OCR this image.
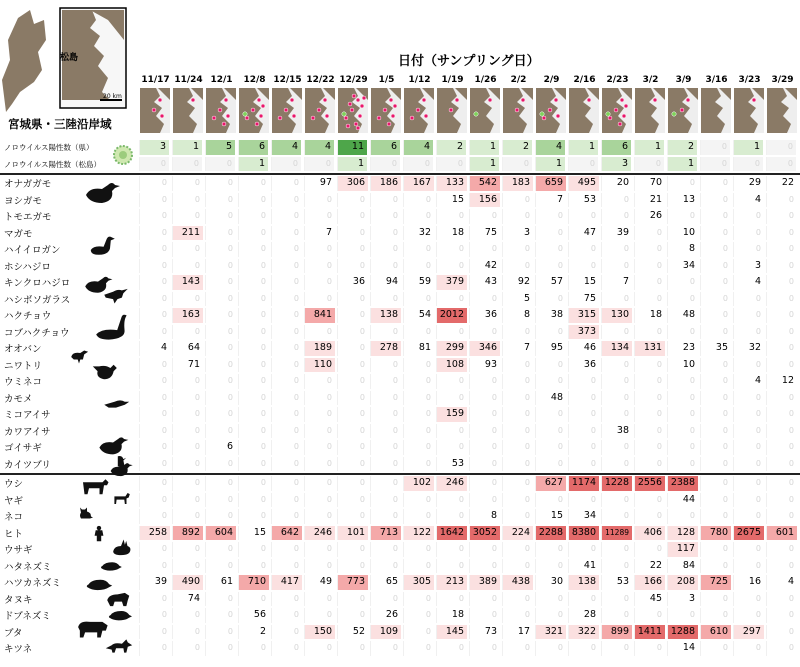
松島
20 km
宮城県・三陸沿岸域
日付（サンプリング日）
11/17 11/24 12/1	12/8 12/15 12/22 12/29	1/5	1/12	1/19	1/26	2/2	2/9	2/16	2/23	3/2	3/9	3/16	3/23	3/29
ノロウイルス陽性数（県）	3	1	5	6	4	4	11	6	4	2	1	2	4	1	6	1	2	0	1	0
ノロウイルス陽性数（松島）	0	0	0	1	0	0	1	0	0	0	1	0	1	0	3	0	1	0	0	0
オナガガモ	0	0	0	0	0	97	306	186	167	133	542	183	659	495	20	70	0	0	29	22
ヨシガモ	0	0	0	0	0	0	0	0	0	15	156	0	7	53	0	21	13	0	4	0
トモエガモ	0	0	0	0	0	0	0	0	0	0	0	0	0	0	0	26	0	0	0	0
マガモ	0	211	0	0	0	7	0	0	32	18	75	3	0	47	39	0	10	0	0	0
ハイイロガン	0	0	0	0	0	0	0	0	0	0	0	0	0	0	0	0	8	0	0	0
ホシハジロ	0	0	0	0	0	0	0	0	0	0	42	0	0	0	0	0	34	0	3	0
キンクロハジロ	0	143	0	0	0	0	36	94	59	379	43	92	57	15	7	0	0	0	4	0
ハシボソガラス	0	0	0	0	0	0	0	0	0	0	0	5	0	75	0	0	0	0	0	0
ハクチョウ	0	163	0	0	0	841	0	138	54 2012	36	8	38	315	130	18	48	0	0	0
コブハクチョウ	0	0	0	0	0	0	0	0	0	0	0	0	0	373	0	0	0	0	0	0
オオバン	4	64	0	0	0	189	0	278	81	299	346	7	95	46	134	131	23	35	32	0
ニワトリ	0	71	0	0	0	110	0	0	0	108	93	0	0	36	0	0	10	0	0	0
ウミネコ	0	0	0	0	0	0	0	0	0	0	0	0	0	0	0	0	0	0	4	12
カモメ	0	0	0	0	0	0	0	0	0	0	0	0	48	0	0	0	0	0	0	0
ミコアイサ	0	0	0	0	0	0	0	0	0	159	0	0	0	0	0	0	0	0	0	0
カワアイサ	0	0	0	0	0	0	0	0	0	0	0	0	0	0	38	0	0	0	0	0
ゴイサギ	0	0	6	0	0	0	0	0	0	0	0	0	0	0	0	0	0	0	0	0
カイツブリ	0	0	0	0	0	0	0	0	0	53	0	0	0	0	0	0	0	0	0	0
ウシ	0	0	0	0	0	0	0	0	102	246	0	0	627 1174 1228 2556 2388	0	0	0
ヤギ	0	0	0	0	0	0	0	0	0	0	0	0	0	0	0	0	44	0	0	0
ネコ	0	0	0	0	0	0	0	0	0	0	8	0	15	34	0	0	0	0	0	0
ヒト	258	892	604	15	642	246	101	713	122 1642 3052	224 2288 8380	11289	406	128	780 2675	601
ウサギ	0	0	0	0	0	0	0	0	0	0	0	0	0	0	0	0	117	0	0	0
ハタネズミ	0	0	0	0	0	0	0	0	0	0	0	0	0	41	0	22	84	0	0	0
ハツカネズミ	39	490	61	710	417	49	773	65	305	213	389	438	30	138	53	166	208	725	16	4
タヌキ	0	74	0	0	0	0	0	0	0	0	0	0	0	0	0	45	3	0	0	0
ドブネズミ	0	0	0	56	0	0	0	26	0	18	0	0	0	28	0	0	0	0	0	0
ブタ	0	0	0	2	0	150	52	109	0	145	73	17	321	322	899 1411 1288	610	297	0
キツネ	0	0	0	0	0	0	0	0	0	0	0	0	0	0	0	0	14	0	0	0
